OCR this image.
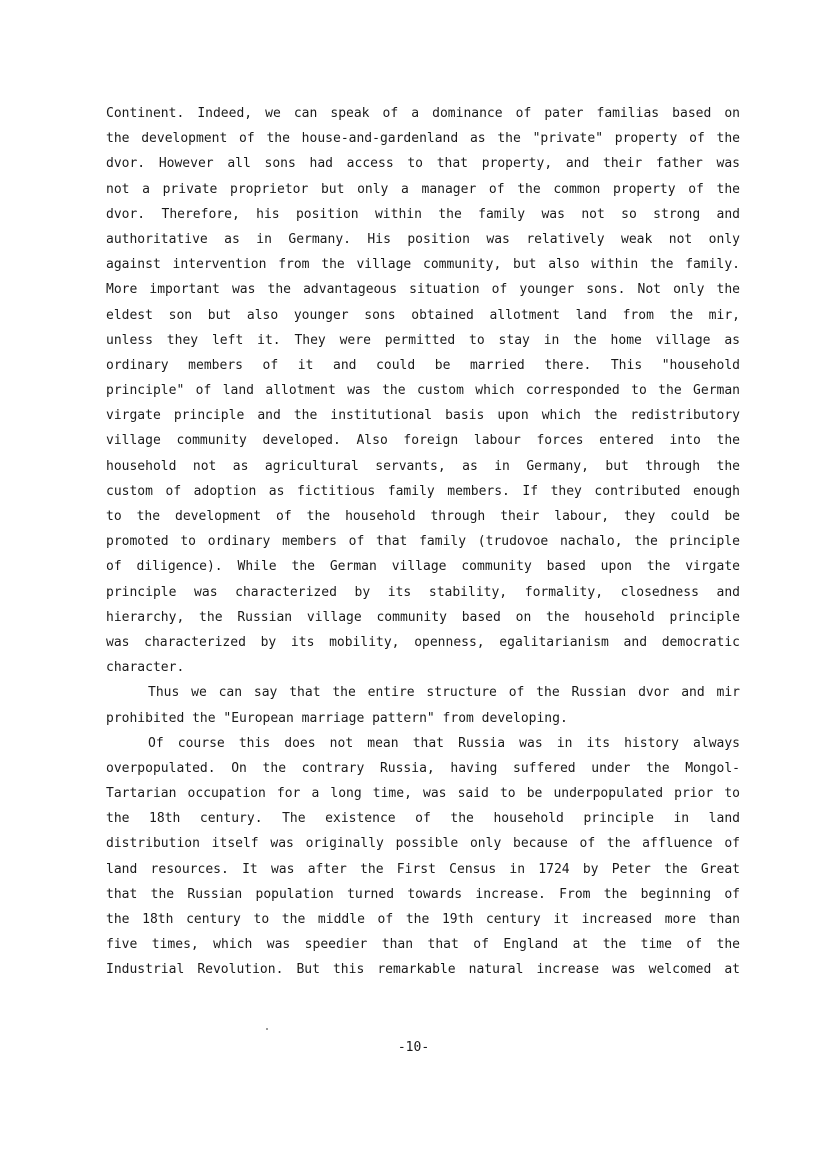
Continent. Indeed, we can speak of a dominance of pater familias based on
the development of the house-and-gardenland as the "private" property of the
dvor. However all sons had access to that property, and their father was
not a private proprietor but only a manager of the common property of the
dvor. Therefore, his position within the family was not so strong and
authoritative as in Germany. His position was relatively weak not only
against intervention from the village community, but also within the family.
More important was the advantageous situation of younger sons. Not only the
eldest son but also younger sons obtained allotment land from the mir,
unless they left it. They were permitted to stay in the home village as
ordinary members of it and could be married there. This "household
principle" of land allotment was the custom which corresponded to the German
virgate principle and the institutional basis upon which the redistributory
village community developed. Also foreign labour forces entered into the
household not as agricultural servants, as in Germany, but through the
custom of adoption as fictitious family members. If they contributed enough
to the development of the household through their labour, they could be
promoted to ordinary members of that family (trudovoe nachalo, the principle
of diligence). While the German village community based upon the virgate
principle was characterized by its stability, formality, closedness and
hierarchy, the Russian village community based on the household principle
was characterized by its mobility, openness, egalitarianism and democratic
character.
Thus we can say that the entire structure of the Russian dvor and mir
prohibited the "European marriage pattern" from developing.
Of course this does not mean that Russia was in its history always
overpopulated. On the contrary Russia, having suffered under the Mongol-
Tartarian occupation for a long time, was said to be underpopulated prior to
the 18th century. The existence of the household principle in land
distribution itself was originally possible only because of the affluence of
land resources. It was after the First Census in 1724 by Peter the Great
that the Russian population turned towards increase. From the beginning of
the 18th century to the middle of the 19th century it increased more than
five times, which was speedier than that of England at the time of the
Industrial Revolution. But this remarkable natural increase was welcomed at
-10-
